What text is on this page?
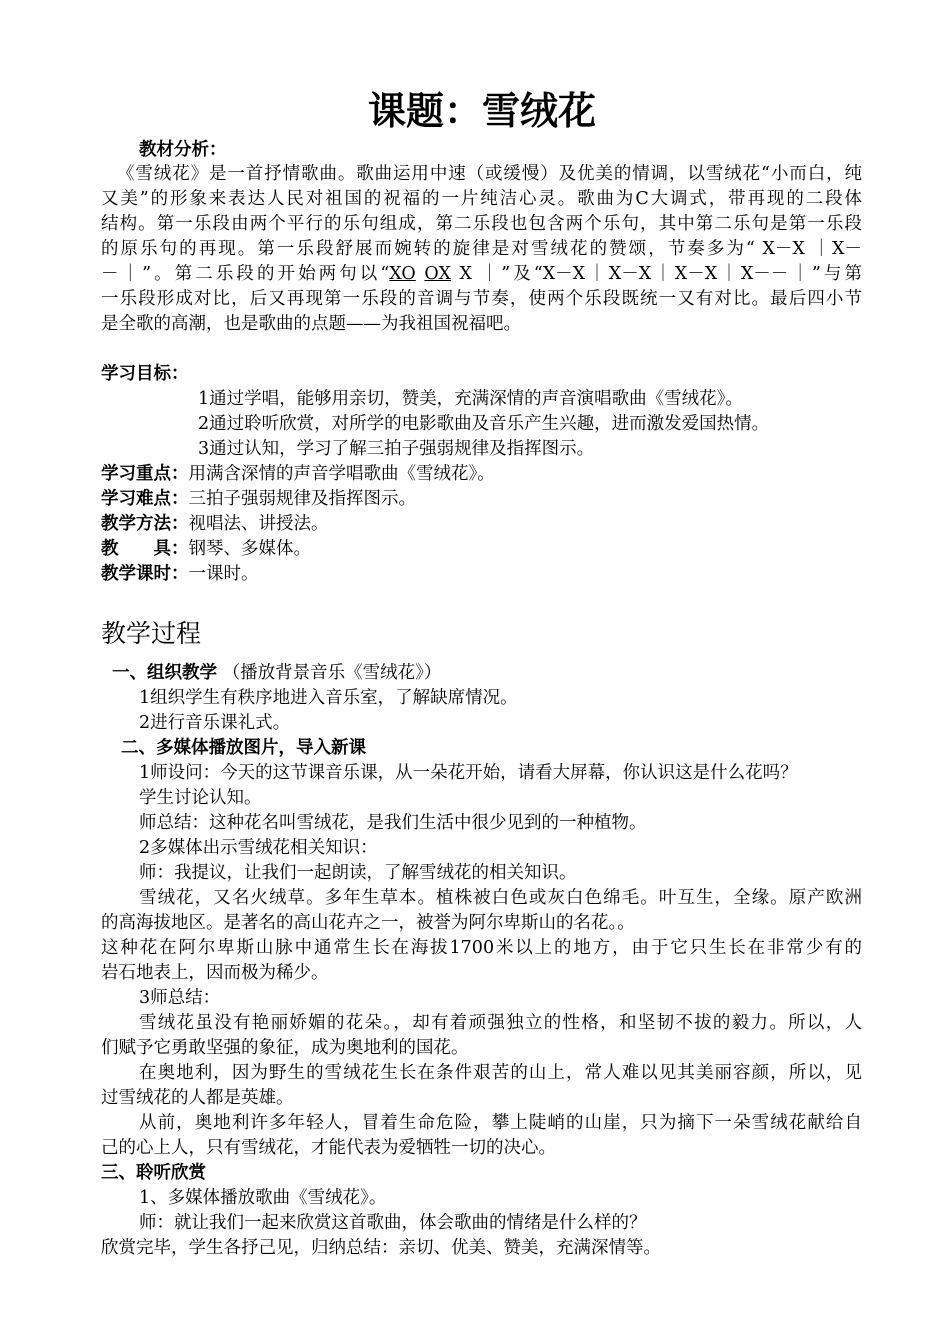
课题：雪绒花
教材分析：
《雪绒花》是一首抒情歌曲。歌曲运用中速（或缓慢）及优美的情调，以雪绒花“小而白，纯
又美”的形象来表达人民对祖国的祝福的一片纯洁心灵。歌曲为C大调式，带再现的二段体
结构。第一乐段由两个平行的乐句组成，第二乐段也包含两个乐句，其中第二乐句是第一乐段
的原乐句的再现。第一乐段舒展而婉转的旋律是对雪绒花的赞颂，节奏多为“ X－X ｜X－
－｜”。第二乐段的开始两句以“XO OX X ｜”及“X－X｜X－X｜X－X｜X－－｜”与第
一乐段形成对比，后又再现第一乐段的音调与节奏，使两个乐段既统一又有对比。最后四小节
是全歌的高潮，也是歌曲的点题——为我祖国祝福吧。
学习目标：
1通过学唱，能够用亲切，赞美，充满深情的声音演唱歌曲《雪绒花》。
2通过聆听欣赏，对所学的电影歌曲及音乐产生兴趣，进而激发爱国热情。
3通过认知，学习了解三拍子强弱规律及指挥图示。
学习重点：用满含深情的声音学唱歌曲《雪绒花》。
学习难点：三拍子强弱规律及指挥图示。
教学方法：视唱法、讲授法。
教　　具：钢琴、多媒体。
教学课时：一课时。
教学过程
一、组织教学 （播放背景音乐《雪绒花》）
1组织学生有秩序地进入音乐室，了解缺席情况。
2进行音乐课礼式。
二、多媒体播放图片，导入新课
1师设问：今天的这节课音乐课，从一朵花开始，请看大屏幕，你认识这是什么花吗？
学生讨论认知。
师总结：这种花名叫雪绒花，是我们生活中很少见到的一种植物。
2多媒体出示雪绒花相关知识：
师：我提议，让我们一起朗读，了解雪绒花的相关知识。
雪绒花，又名火绒草。多年生草本。植株被白色或灰白色绵毛。叶互生，全缘。原产欧洲
的高海拔地区。是著名的高山花卉之一，被誉为阿尔卑斯山的名花。。
这种花在阿尔卑斯山脉中通常生长在海拔1700米以上的地方，由于它只生长在非常少有的
岩石地表上，因而极为稀少。
3师总结：
雪绒花虽没有艳丽娇媚的花朵。，却有着顽强独立的性格，和坚韧不拔的毅力。所以，人
们赋予它勇敢坚强的象征，成为奥地利的国花。
在奥地利，因为野生的雪绒花生长在条件艰苦的山上，常人难以见其美丽容颜，所以，见
过雪绒花的人都是英雄。
从前，奥地利许多年轻人，冒着生命危险，攀上陡峭的山崖，只为摘下一朵雪绒花献给自
己的心上人，只有雪绒花，才能代表为爱牺牲一切的决心。
三、聆听欣赏
1、多媒体播放歌曲《雪绒花》。
师：就让我们一起来欣赏这首歌曲，体会歌曲的情绪是什么样的？
欣赏完毕，学生各抒己见，归纳总结：亲切、优美、赞美，充满深情等。
